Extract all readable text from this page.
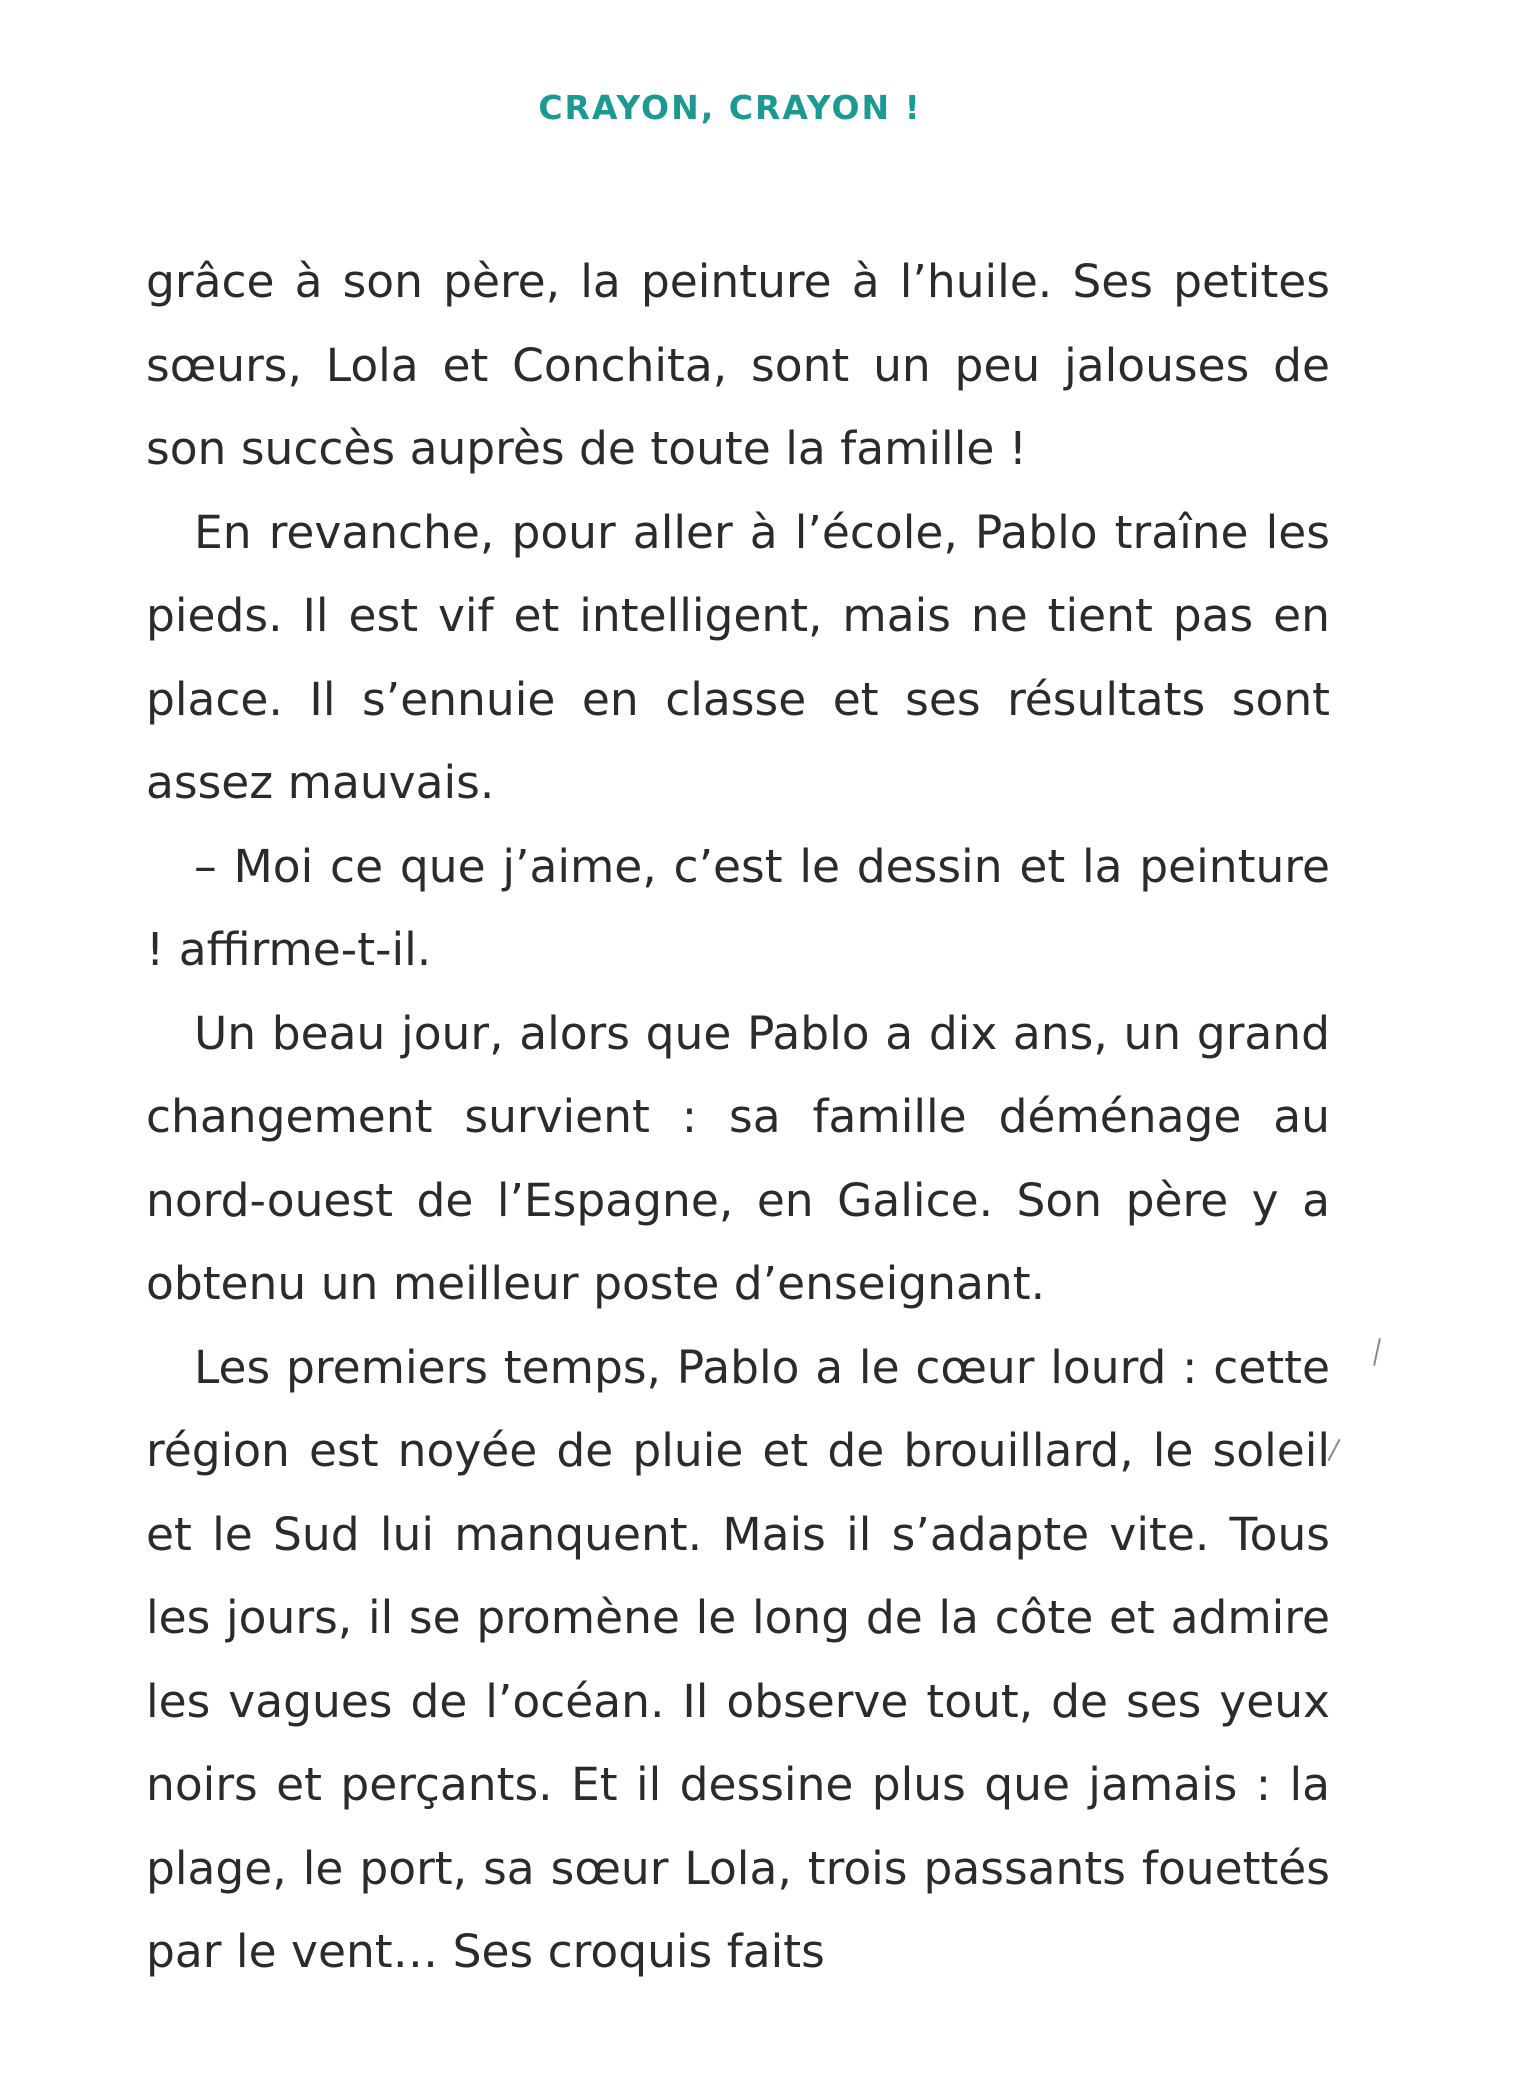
CRAYON, CRAYON !

grâce à son père, la peinture à l’huile. Ses petites sœurs, Lola et Conchita, sont un peu jalouses de son succès auprès de toute la famille !

En revanche, pour aller à l’école, Pablo traîne les pieds. Il est vif et intelligent, mais ne tient pas en place. Il s’ennuie en classe et ses résultats sont assez mauvais.

– Moi ce que j’aime, c’est le dessin et la peinture ! affirme-t-il.

Un beau jour, alors que Pablo a dix ans, un grand changement survient : sa famille déménage au nord-ouest de l’Espagne, en Galice. Son père y a obtenu un meilleur poste d’enseignant.

Les premiers temps, Pablo a le cœur lourd : cette région est noyée de pluie et de brouillard, le soleil et le Sud lui manquent. Mais il s’adapte vite. Tous les jours, il se promène le long de la côte et admire les vagues de l’océan. Il observe tout, de ses yeux noirs et perçants. Et il dessine plus que jamais : la plage, le port, sa sœur Lola, trois passants fouettés par le vent… Ses croquis faits
